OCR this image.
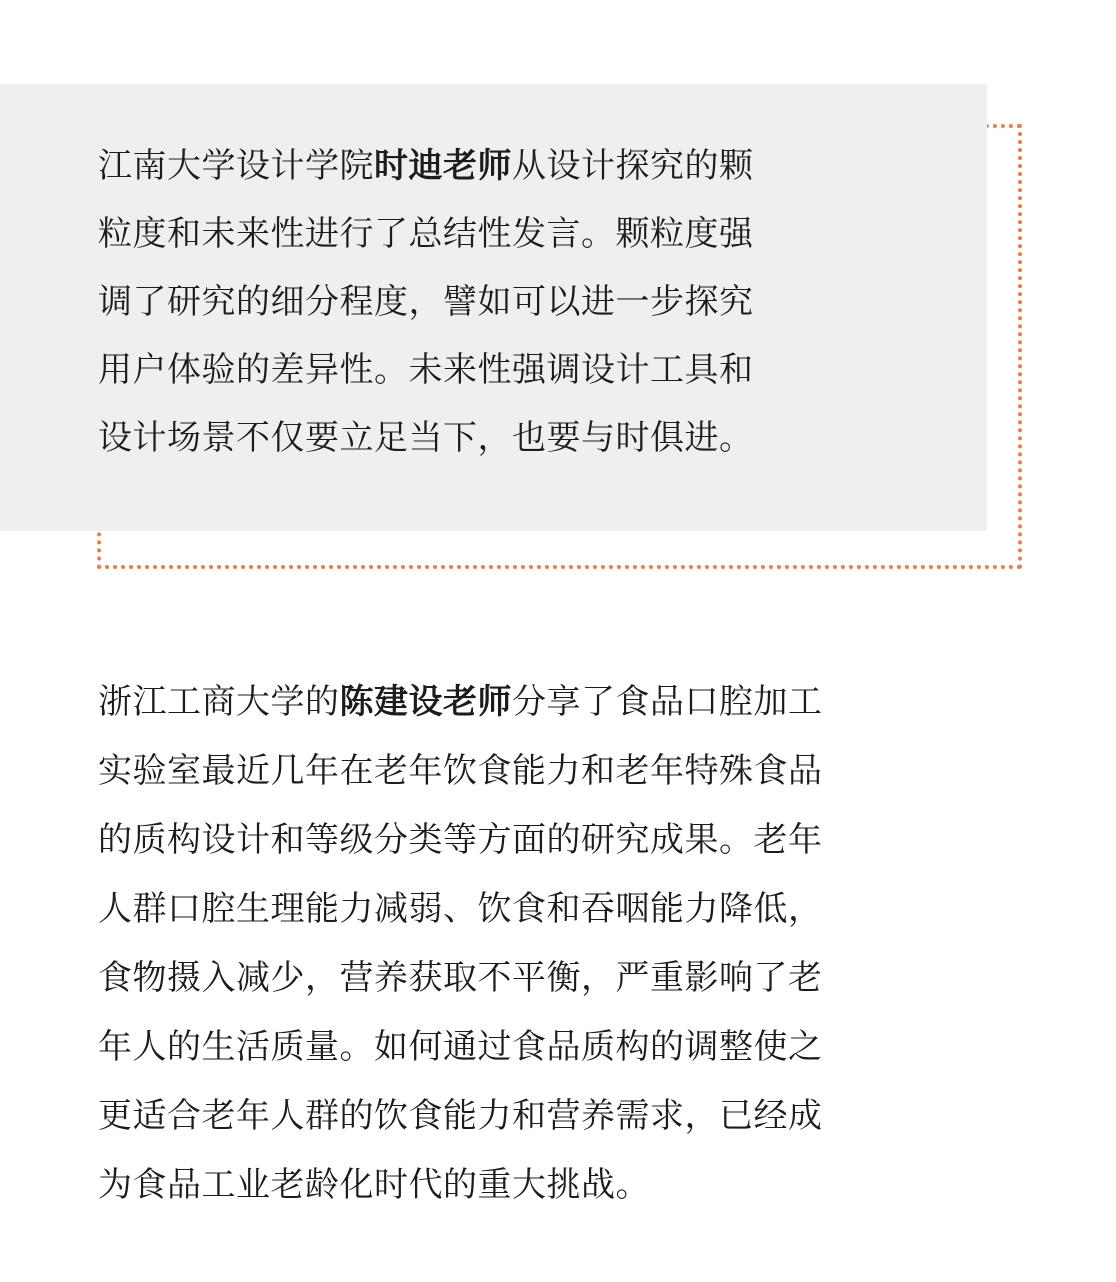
江南大学设计学院时迪老师从设计探究的颗
粒度和未来性进行了总结性发言。颗粒度强
调了研究的细分程度，譬如可以进一步探究
用户体验的差异性。未来性强调设计工具和
设计场景不仅要立足当下，也要与时俱进。

浙江工商大学的陈建设老师分享了食品口腔加工
实验室最近几年在老年饮食能力和老年特殊食品
的质构设计和等级分类等方面的研究成果。老年
人群口腔生理能力减弱、饮食和吞咽能力降低，
食物摄入减少，营养获取不平衡，严重影响了老
年人的生活质量。如何通过食品质构的调整使之
更适合老年人群的饮食能力和营养需求，已经成
为食品工业老龄化时代的重大挑战。
